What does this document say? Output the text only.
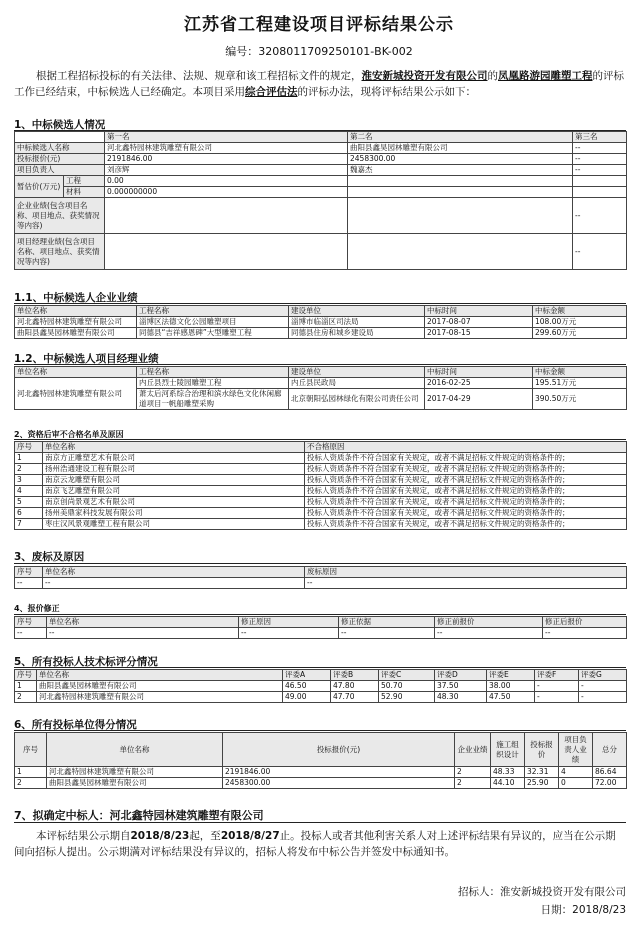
江苏省工程建设项目评标结果公示
编号：3208011709250101-BK-002
根据工程招标投标的有关法律、法规、规章和该工程招标文件的规定，淮安新城投资开发有限公司的凤凰路游园雕塑工程的评标工作已经结束，中标候选人已经确定。本项目采用综合评估法的评标办法，现将评标结果公示如下：
1、中标候选人情况
		第一名	第二名	第三名
中标候选人名称		河北鑫特园林建筑雕塑有限公司	曲阳县鑫昊园林雕塑有限公司	--
投标报价(元)		2191846.00	2458300.00	--
项目负责人		刘彦辉	魏嘉杰	--
暂估价(万元)	工程	0.00		
	材料	0.000000000		
企业业绩(包含项目名称、项目地点、获奖情况等内容)				--
项目经理业绩(包含项目名称、项目地点、获奖情况等内容)				--
1.1、中标候选人企业业绩
单位名称	工程名称	建设单位	中标时间	中标金额
河北鑫特园林建筑雕塑有限公司	淄博区法德文化公园雕塑项目	淄博市临淄区司法局	2017-08-07	108.00万元
曲阳县鑫昊园林雕塑有限公司	同德县“吉祥感恩碑”大型雕塑工程	同德县住房和城乡建设局	2017-08-15	299.60万元
1.2、中标候选人项目经理业绩
单位名称	工程名称	建设单位	中标时间	中标金额
河北鑫特园林建筑雕塑有限公司	内丘县烈士陵园雕塑工程	内丘县民政局	2016-02-25	195.51万元
	萧太后河系综合治理和滨水绿色文化休闲廊道项目一帆船雕塑采购	北京朝阳弘园林绿化有限公司责任公司	2017-04-29	390.50万元
2、资格后审不合格名单及原因
序号	单位名称	不合格原因
1	南京方正雕塑艺术有限公司	投标人资质条件不符合国家有关规定，或者不满足招标文件规定的资格条件的；
2	扬州浩通建设工程有限公司	投标人资质条件不符合国家有关规定，或者不满足招标文件规定的资格条件的；
3	南京云龙雕塑有限公司	投标人资质条件不符合国家有关规定，或者不满足招标文件规定的资格条件的；
4	南京飞艺雕塑有限公司	投标人资质条件不符合国家有关规定，或者不满足招标文件规定的资格条件的；
5	南京创尚景观艺术有限公司	投标人资质条件不符合国家有关规定，或者不满足招标文件规定的资格条件的；
6	扬州美鼎家科技发展有限公司	投标人资质条件不符合国家有关规定，或者不满足招标文件规定的资格条件的；
7	枣庄汉风景观雕塑工程有限公司	投标人资质条件不符合国家有关规定，或者不满足招标文件规定的资格条件的；
3、废标及原因
序号	单位名称	废标原因
--	--	--
4、报价修正
序号	单位名称	修正原因	修正依据	修正前报价	修正后报价
--	--	--	--	--	--
5、所有投标人技术标评分情况
序号	单位名称	评委A	评委B	评委C	评委D	评委E	评委F	评委G
1	曲阳县鑫昊园林雕塑有限公司	46.50	47.80	50.70	37.50	38.00	-	-
2	河北鑫特园林建筑雕塑有限公司	49.00	47.70	52.90	48.30	47.50	-	-
6、所有投标单位得分情况
序号	单位名称	投标报价(元)	企业业绩	施工组织设计	投标报价	项目负责人业绩	总分
1	河北鑫特园林建筑雕塑有限公司	2191846.00	2	48.33	32.31	4	86.64
2	曲阳县鑫昊园林雕塑有限公司	2458300.00	2	44.10	25.90	0	72.00
7、拟确定中标人：河北鑫特园林建筑雕塑有限公司
本评标结果公示期自2018/8/23起，至2018/8/27止。投标人或者其他利害关系人对上述评标结果有异议的，应当在公示期间向招标人提出。公示期满对评标结果没有异议的，招标人将发布中标公告并签发中标通知书。
招标人：淮安新城投资开发有限公司
日期：2018/8/23
